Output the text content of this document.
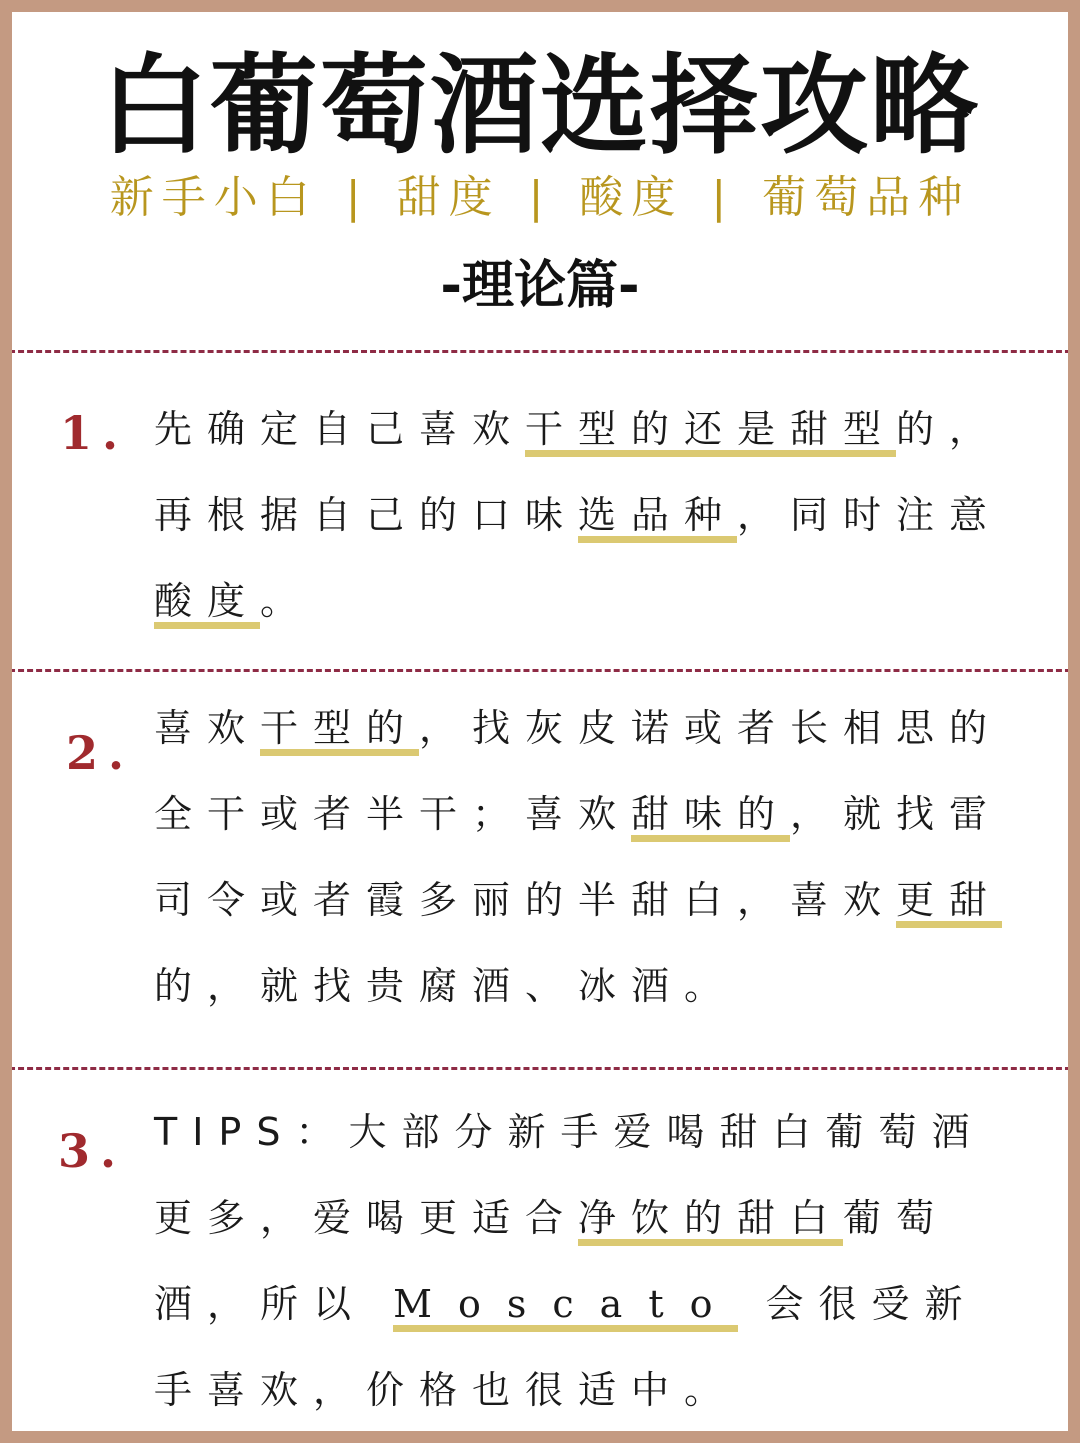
白葡萄酒选择攻略
新手小白 | 甜度 | 酸度 | 葡萄品种
-理论篇-
1. 先确定自己喜欢干型的还是甜型的，再根据自己的口味选品种，同时注意酸度。
2. 喜欢干型的，找灰皮诺或者长相思的全干或者半干；喜欢甜味的，就找雷司令或者霞多丽的半甜白，喜欢更甜的，就找贵腐酒、冰酒。
3. TIPS：大部分新手爱喝甜白葡萄酒更多，爱喝更适合净饮的甜白葡萄酒，所以 Moscato 会很受新手喜欢，价格也很适中。
